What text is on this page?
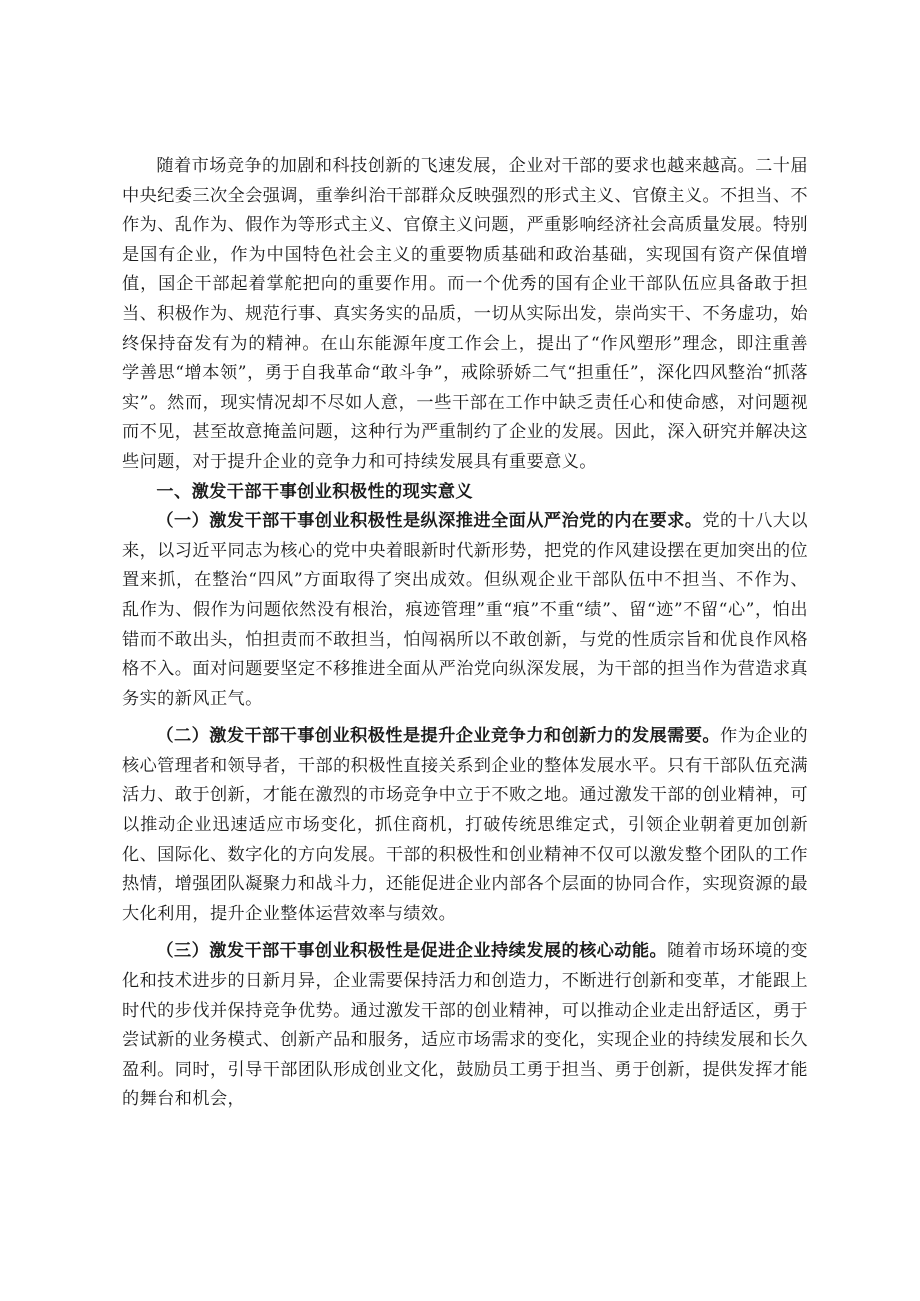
随着市场竞争的加剧和科技创新的飞速发展，企业对干部的要求也越来越高。二十届中央纪委三次全会强调，重拳纠治干部群众反映强烈的形式主义、官僚主义。不担当、不作为、乱作为、假作为等形式主义、官僚主义问题，严重影响经济社会高质量发展。特别是国有企业，作为中国特色社会主义的重要物质基础和政治基础，实现国有资产保值增值，国企干部起着掌舵把向的重要作用。而一个优秀的国有企业干部队伍应具备敢于担当、积极作为、规范行事、真实务实的品质，一切从实际出发，崇尚实干、不务虚功，始终保持奋发有为的精神。在山东能源年度工作会上，提出了“作风塑形”理念，即注重善学善思“增本领”，勇于自我革命“敢斗争”，戒除骄娇二气“担重任”，深化四风整治“抓落实”。然而，现实情况却不尽如人意，一些干部在工作中缺乏责任心和使命感，对问题视而不见，甚至故意掩盖问题，这种行为严重制约了企业的发展。因此，深入研究并解决这些问题，对于提升企业的竞争力和可持续发展具有重要意义。

一、激发干部干事创业积极性的现实意义

（一）激发干部干事创业积极性是纵深推进全面从严治党的内在要求。党的十八大以来，以习近平同志为核心的党中央着眼新时代新形势，把党的作风建设摆在更加突出的位置来抓，在整治“四风”方面取得了突出成效。但纵观企业干部队伍中不担当、不作为、乱作为、假作为问题依然没有根治，痕迹管理”重“痕”不重“绩”、留“迹”不留“心”，怕出错而不敢出头，怕担责而不敢担当，怕闯祸所以不敢创新，与党的性质宗旨和优良作风格格不入。面对问题要坚定不移推进全面从严治党向纵深发展，为干部的担当作为营造求真务实的新风正气。

（二）激发干部干事创业积极性是提升企业竞争力和创新力的发展需要。作为企业的核心管理者和领导者，干部的积极性直接关系到企业的整体发展水平。只有干部队伍充满活力、敢于创新，才能在激烈的市场竞争中立于不败之地。通过激发干部的创业精神，可以推动企业迅速适应市场变化，抓住商机，打破传统思维定式，引领企业朝着更加创新化、国际化、数字化的方向发展。干部的积极性和创业精神不仅可以激发整个团队的工作热情，增强团队凝聚力和战斗力，还能促进企业内部各个层面的协同合作，实现资源的最大化利用，提升企业整体运营效率与绩效。

（三）激发干部干事创业积极性是促进企业持续发展的核心动能。随着市场环境的变化和技术进步的日新月异，企业需要保持活力和创造力，不断进行创新和变革，才能跟上时代的步伐并保持竞争优势。通过激发干部的创业精神，可以推动企业走出舒适区，勇于尝试新的业务模式、创新产品和服务，适应市场需求的变化，实现企业的持续发展和长久盈利。同时，引导干部团队形成创业文化，鼓励员工勇于担当、勇于创新，提供发挥才能的舞台和机会，
